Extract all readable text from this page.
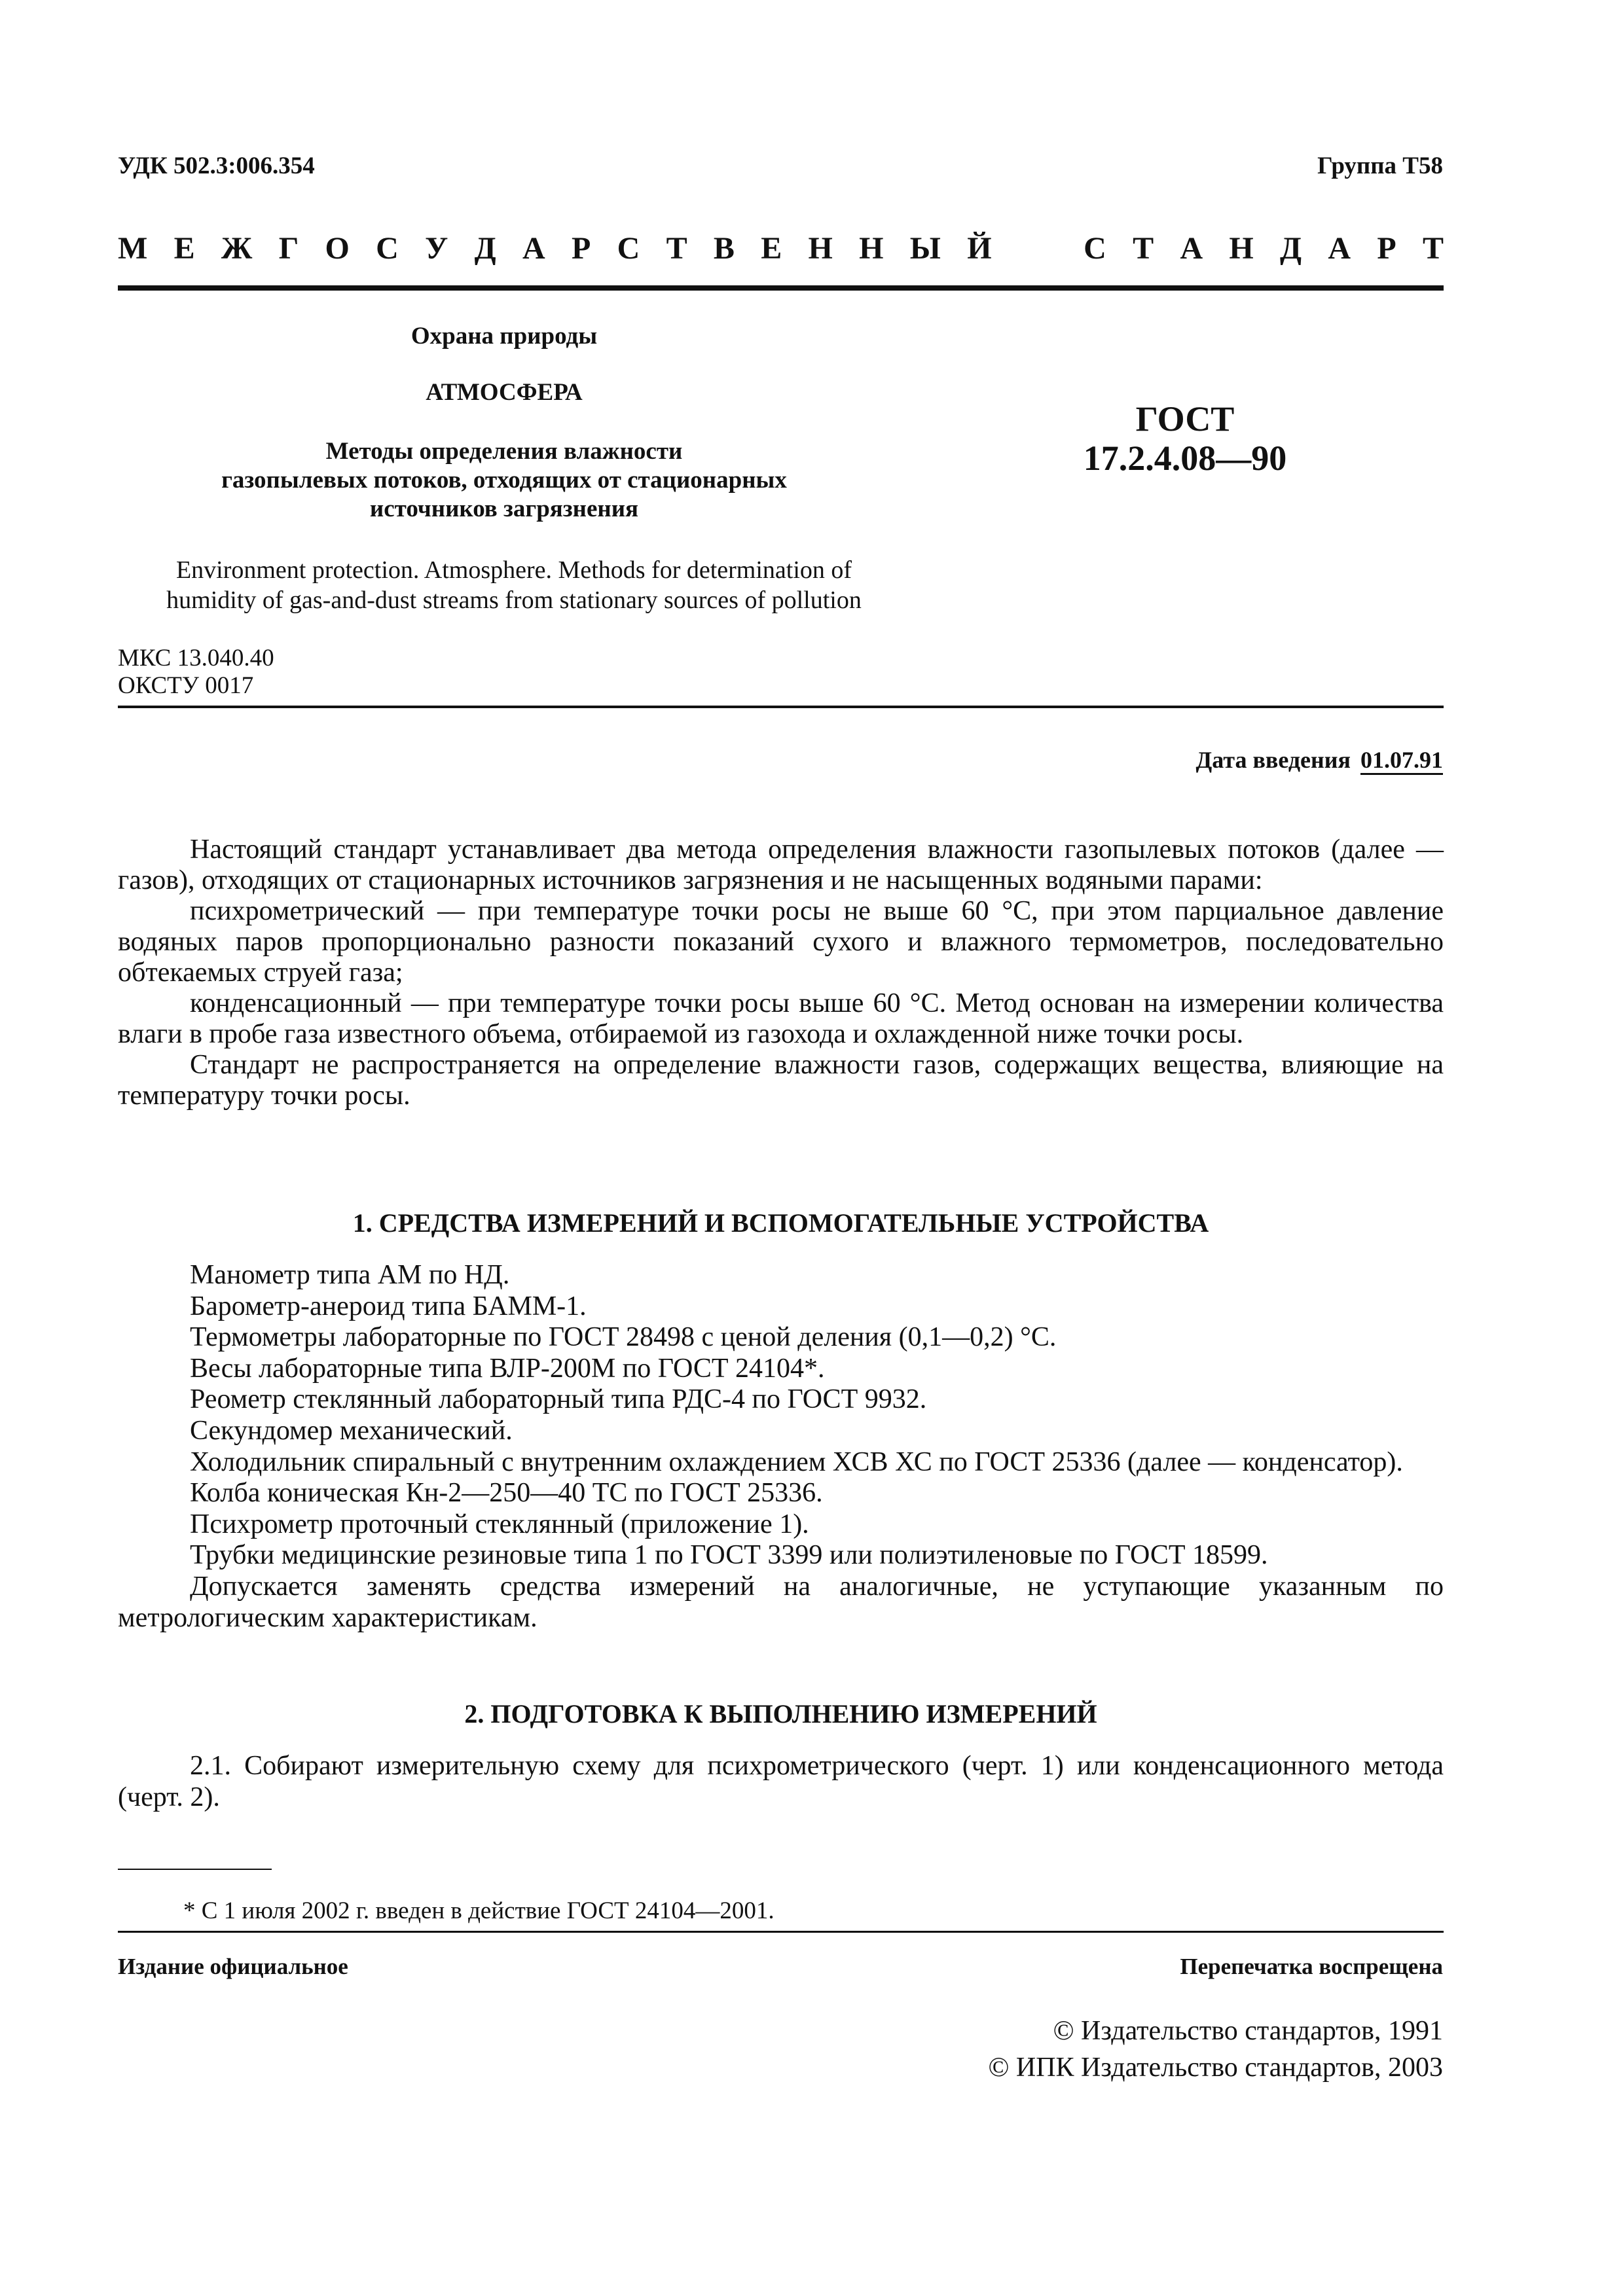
УДК 502.3:006.354	Группа Т58
М Е Ж Г О С У Д А Р С Т В Е Н Н Ы Й	С Т А Н Д А Р Т
Охрана природы
АТМОСФЕРА
Методы определения влажности
газопылевых потоков, отходящих от стационарных
источников загрязнения
ГОСТ
17.2.4.08—90
Environment protection. Atmosphere. Methods for determination of
humidity of gas-and-dust streams from stationary sources of pollution
МКС 13.040.40
ОКСТУ 0017
Дата введения 01.07.91

Настоящий стандарт устанавливает два метода определения влажности газопылевых потоков (далее — газов), отходящих от стационарных источников загрязнения и не насыщенных водяными парами:

психрометрический — при температуре точки росы не выше 60 °С, при этом парциальное давление водяных паров пропорционально разности показаний сухого и влажного термометров, последовательно обтекаемых струей газа;

конденсационный — при температуре точки росы выше 60 °С. Метод основан на измерении количества влаги в пробе газа известного объема, отбираемой из газохода и охлажденной ниже точки росы.

Стандарт не распространяется на определение влажности газов, содержащих вещества, влияющие на температуру точки росы.

1. СРЕДСТВА ИЗМЕРЕНИЙ И ВСПОМОГАТЕЛЬНЫЕ УСТРОЙСТВА

Манометр типа АМ по НД.

Барометр-анероид типа БАММ-1.

Термометры лабораторные по ГОСТ 28498 с ценой деления (0,1—0,2) °С.

Весы лабораторные типа ВЛР-200М по ГОСТ 24104*.

Реометр стеклянный лабораторный типа РДС-4 по ГОСТ 9932.

Секундомер механический.

Холодильник спиральный с внутренним охлаждением ХСВ ХС по ГОСТ 25336 (далее — конденсатор).

Колба коническая Кн-2—250—40 ТС по ГОСТ 25336.

Психрометр проточный стеклянный (приложение 1).

Трубки медицинские резиновые типа 1 по ГОСТ 3399 или полиэтиленовые по ГОСТ 18599.

Допускается заменять средства измерений на аналогичные, не уступающие указанным по метрологическим характеристикам.

2. ПОДГОТОВКА К ВЫПОЛНЕНИЮ ИЗМЕРЕНИЙ

2.1. Собирают измерительную схему для психрометрического (черт. 1) или конденсационного метода (черт. 2).

* С 1 июля 2002 г. введен в действие ГОСТ 24104—2001.
Издание официальное	Перепечатка воспрещена
© Издательство стандартов, 1991
© ИПК Издательство стандартов, 2003
